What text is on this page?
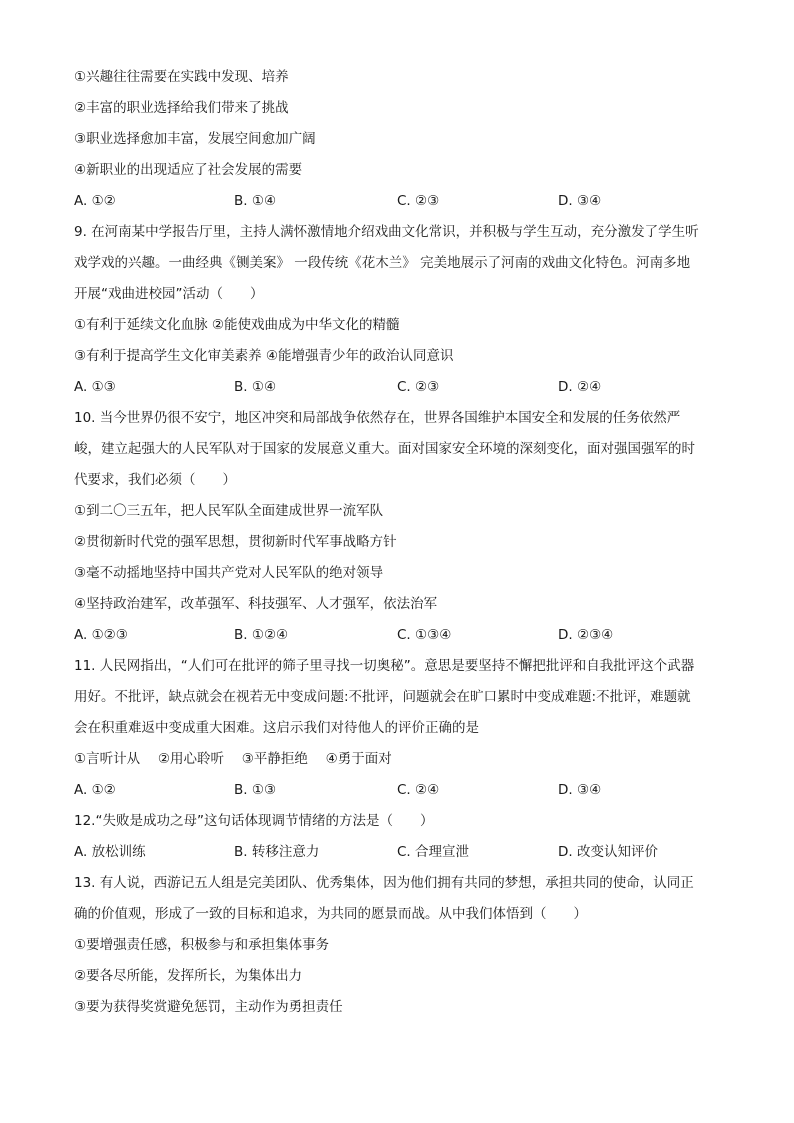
①兴趣往往需要在实践中发现、培养
②丰富的职业选择给我们带来了挑战
③职业选择愈加丰富，发展空间愈加广阔
④新职业的出现适应了社会发展的需要
A. ①②	B. ①④	C. ②③	D. ③④
9. 在河南某中学报告厅里，主持人满怀激情地介绍戏曲文化常识，并积极与学生互动，充分激发了学生听
戏学戏的兴趣。一曲经典《铡美案》 一段传统《花木兰》 完美地展示了河南的戏曲文化特色。河南多地
开展“戏曲进校园”活动（　　）
①有利于延续文化血脉 ②能使戏曲成为中华文化的精髓
③有利于提高学生文化审美素养 ④能增强青少年的政治认同意识
A. ①③	B. ①④	C. ②③	D. ②④
10. 当今世界仍很不安宁，地区冲突和局部战争依然存在，世界各国维护本国安全和发展的任务依然严
峻，建立起强大的人民军队对于国家的发展意义重大。面对国家安全环境的深刻变化，面对强国强军的时
代要求，我们必须（　　）
①到二〇三五年，把人民军队全面建成世界一流军队
②贯彻新时代党的强军思想，贯彻新时代军事战略方针
③毫不动摇地坚持中国共产党对人民军队的绝对领导
④坚持政治建军，改革强军、科技强军、人才强军，依法治军
A. ①②③	B. ①②④	C. ①③④	D. ②③④
11. 人民网指出，“人们可在批评的筛子里寻找一切奥秘”。意思是要坚持不懈把批评和自我批评这个武器
用好。不批评，缺点就会在视若无中变成问题:不批评，问题就会在旷口累时中变成难题:不批评，难题就
会在积重难返中变成重大困难。这启示我们对待他人的评价正确的是
①言听计从　 ②用心聆听　 ③平静拒绝　 ④勇于面对
A. ①②	B. ①③	C. ②④	D. ③④
12.“失败是成功之母”这句话体现调节情绪的方法是（　　）
A. 放松训练	B. 转移注意力	C. 合理宣泄	D. 改变认知评价
13. 有人说，西游记五人组是完美团队、优秀集体，因为他们拥有共同的梦想，承担共同的使命，认同正
确的价值观，形成了一致的目标和追求，为共同的愿景而战。从中我们体悟到（　　）
①要增强责任感，积极参与和承担集体事务
②要各尽所能，发挥所长，为集体出力
③要为获得奖赏避免惩罚，主动作为勇担责任
